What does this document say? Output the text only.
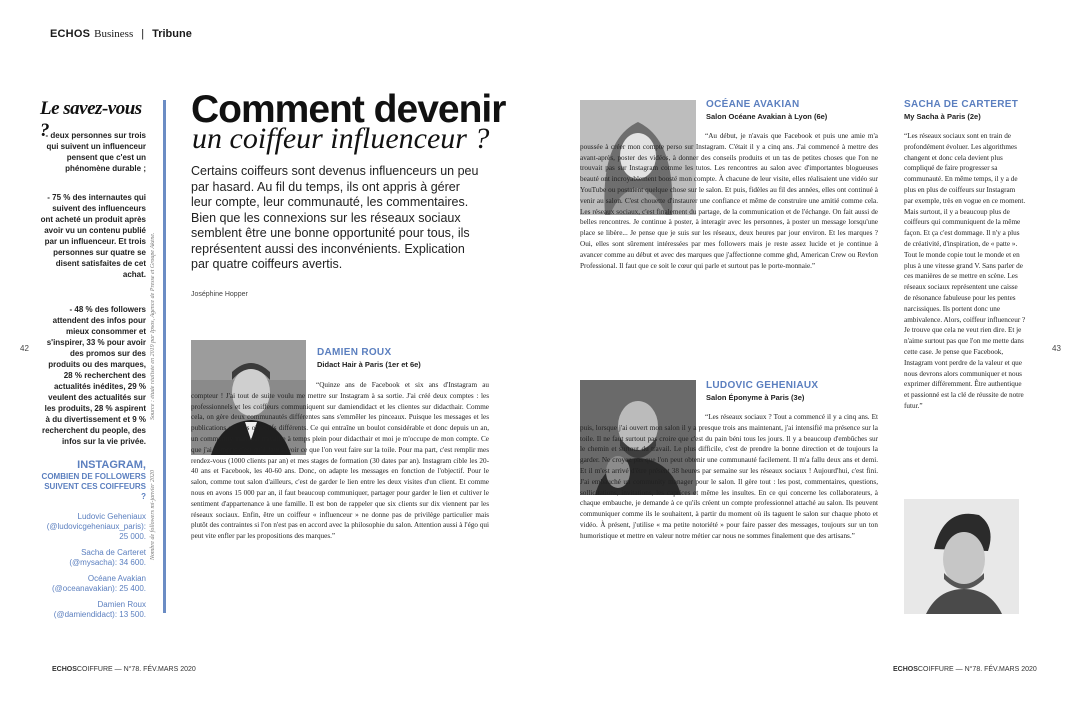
ECHOS Business | Tribune
Le savez-vous ?

- deux personnes sur trois qui suivent un influenceur pensent que c'est un phénomène durable ;

- 75 % des internautes qui suivent des influenceurs ont acheté un produit après avoir vu un contenu publié par un influenceur. Et trois personnes sur quatre se disent satisfaites de cet achat.

- 48 % des followers attendent des infos pour mieux consommer et s'inspirer, 33 % pour avoir des promos sur des produits ou des marques, 28 % recherchent des actualités inédites, 29 % veulent des actualités sur les produits, 28 % aspirent à du divertissement et 9 % recherchent du people, des infos sur la vie privée.

Source : étude réalisée en 2019 par Ipsos, Agence de Presse et Groupe Akène.
42	43
INSTAGRAM,
COMBIEN DE FOLLOWERS SUIVENT CES COIFFEURS ?
Ludovic Geheniaux
(@ludovicgeheniaux_paris): 25 000.
Sacha de Carteret
(@mysacha): 34 600.
Océane Avakian
(@oceanavakian): 25 400.
Damien Roux
(@damiendidact): 13 500.
Nombre de followers mi-janvier 2020
Comment devenir
un coiffeur influenceur ?
Certains coiffeurs sont devenus influenceurs un peu par hasard. Au fil du temps, ils ont appris à gérer leur compte, leur communauté, les commentaires. Bien que les connexions sur les réseaux sociaux semblent être une bonne opportunité pour tous, ils représentent aussi des inconvénients. Explication par quatre coiffeurs avertis.
Joséphine Hopper
DAMIEN ROUX
Didact Hair à Paris (1er et 6e)
“Quinze ans de Facebook et six ans d'Instagram au compteur ! J'ai tout de suite voulu me mettre sur Instagram à sa sortie. J'ai créé deux comptes : les professionnels et les coiffeurs communiquent sur damiendidact et les clientes sur didacthair. Comme cela, on gère deux communautés différentes sans s'emmêler les pinceaux. Puisque les messages et les publications ont des objectifs différents. Ce qui entraîne un boulot considérable et donc depuis un an, un community manager travaille à temps plein pour didacthair et moi je m'occupe de mon compte. Ce que j'ai compris c'est qu'il faut savoir ce que l'on veut faire sur la toile. Pour ma part, c'est remplir mes rendez-vous (1000 clients par an) et mes stages de formation (30 dates par an). Instagram cible les 20-40 ans et Facebook, les 40-60 ans. Donc, on adapte les messages en fonction de l'objectif. Pour le salon, comme tout salon d'ailleurs, c'est de garder le lien entre les deux visites d'un client. Et comme nous en avons 15 000 par an, il faut beaucoup communiquer, partager pour garder le lien et cultiver le sentiment d'appartenance à une famille. Il est bon de rappeler que six clients sur dix viennent par les réseaux sociaux. Enfin, être un coiffeur « influenceur » ne donne pas de privilège particulier mais plutôt des contraintes si l'on n'est pas en accord avec la philosophie du salon. Attention aussi à l'égo qui peut vite enfler par les propositions des marques.”
OCÉANE AVAKIAN
Salon Océane Avakian à Lyon (6e)
“Au début, je n'avais que Facebook et puis une amie m'a poussée à créer mon compte perso sur Instagram. C'était il y a cinq ans. J'ai commencé à mettre des avant-après, poster des vidéos, à donner des conseils produits et un tas de petites choses que l'on ne trouvait pas sur Instagram comme les tutos. Les rencontres au salon avec d'importantes blogueuses beauté ont incroyablement boosté mon compte. À chacune de leur visite, elles réalisaient une vidéo sur YouTube ou postaient quelque chose sur le salon. Et puis, fidèles au fil des années, elles ont continué à venir au salon. C'est chouette d'instaurer une confiance et même de construire une amitié comme cela. Les réseaux sociaux, c'est finalement du partage, de la communication et de l'échange. On fait aussi de belles rencontres. Je continue à poster, à interagir avec les personnes, à poster un message lorsqu'une place se libère... Je pense que je suis sur les réseaux, deux heures par jour environ. Et les marques ? Oui, elles sont sûrement intéressées par mes followers mais je reste assez lucide et je continue à avancer comme au début et avec des marques que j'affectionne comme ghd, American Crew ou Revlon Professional. Il faut que ce soit le cœur qui parle et surtout pas le porte-monnaie.”
LUDOVIC GEHENIAUX
Salon Éponyme à Paris (3e)
“Les réseaux sociaux ? Tout a commencé il y a cinq ans. Et puis, lorsque j'ai ouvert mon salon il y a presque trois ans maintenant, j'ai intensifié ma présence sur la toile. Il ne faut surtout pas croire que c'est du pain béni tous les jours. Il y a beaucoup d'embûches sur le chemin et surtout du travail. Le plus difficile, c'est de prendre la bonne direction et de toujours la garder. Ne croyez pas que l'on peut obtenir une communauté facilement. Il m'a fallu deux ans et demi. Et il m'est arrivé d'être présent 38 heures par semaine sur les réseaux sociaux ! Aujourd'hui, c'est fini. J'ai embauché un community manager pour le salon. Il gère tout : les post, commentaires, questions, sollicitations, invitations, les caprices et même les insultes. En ce qui concerne les collaborateurs, à chaque embauche, je demande à ce qu'ils créent un compte professionnel attaché au salon. Ils peuvent communiquer comme ils le souhaitent, à partir du moment où ils taguent le salon sur chaque photo et vidéo. À présent, j'utilise « ma petite notoriété » pour faire passer des messages, toujours sur un ton humoristique et mettre en valeur notre métier car nous ne sommes finalement que des artisans.”
SACHA DE CARTERET
My Sacha à Paris (2e)
“Les réseaux sociaux sont en train de profondément évoluer. Les algorithmes changent et donc cela devient plus compliqué de faire progresser sa communauté. En même temps, il y a de plus en plus de coiffeurs sur Instagram par exemple, très en vogue en ce moment. Mais surtout, il y a beaucoup plus de coiffeurs qui communiquent de la même façon. Et ça c'est dommage. Il n'y a plus de créativité, d'inspiration, de « patte ». Tout le monde copie tout le monde et en plus à une vitesse grand V. Sans parler de ces manières de se mettre en scène. Les réseaux sociaux représentent une caisse de résonance fabuleuse pour les pentes narcissiques. Ils portent donc une ambivalence. Alors, coiffeur influenceur ? Je trouve que cela ne veut rien dire. Et je n'aime surtout pas que l'on me mette dans cette case. Je pense que Facebook, Instagram vont perdre de la valeur et que nous devrons alors communiquer et nous exprimer différemment. Être authentique et passionné est la clé de réussite de notre futur.”
ECHOSCOIFFURE — N°78. FÉV.MARS 2020	ECHOSCOIFFURE — N°78. FÉV.MARS 2020
